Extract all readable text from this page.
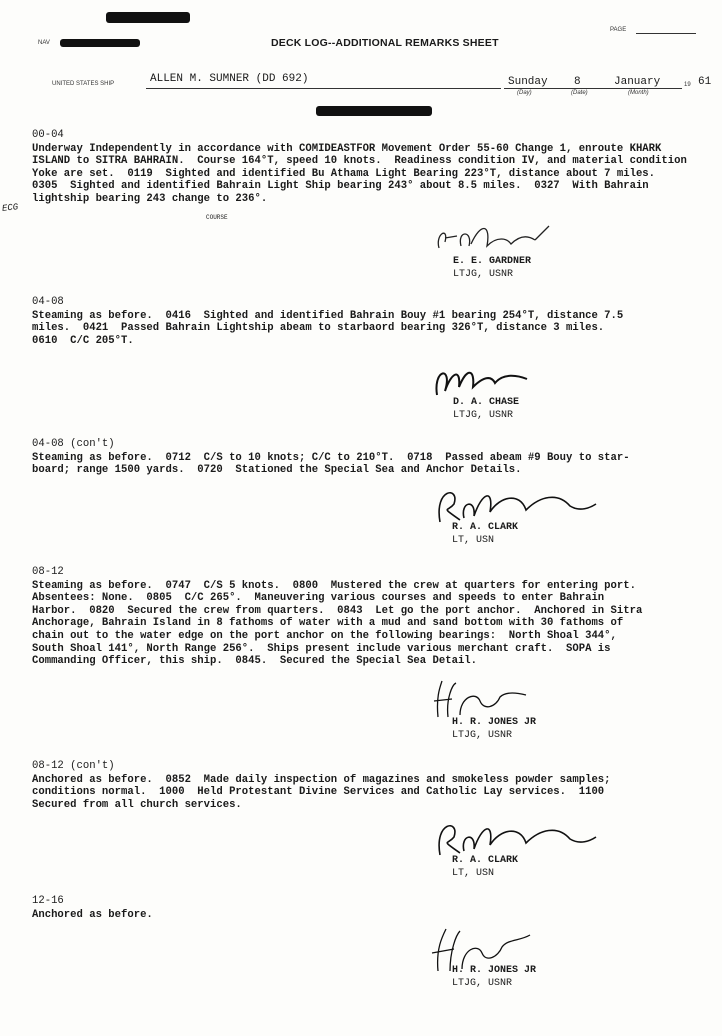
PAGE
NAV	DECK LOG--ADDITIONAL REMARKS SHEET
UNITED STATES SHIP	ALLEN M. SUMNER (DD 692)	Sunday 8	January	19 61
(Day)	(Date)	(Month)
00-04
Underway Independently in accordance with COMIDEASTFOR Movement Order 55-60 Change 1, enroute KHARK
ISLAND to SITRA BAHRAIN.  Course 164°T, speed 10 knots.  Readiness condition IV, and material condition
Yoke are set.  0119  Sighted and identified Bu Athama Light Bearing 223°T, distance about 7 miles.
0305  Sighted and identified Bahrain Light Ship bearing 243° about 8.5 miles.  0327  With Bahrain
lightship bearing 243 change to 236°.
ECG
COURSE
E. E. GARDNER
LTJG, USNR
04-08
Steaming as before.  0416  Sighted and identified Bahrain Bouy #1 bearing 254°T, distance 7.5
miles.  0421  Passed Bahrain Lightship abeam to starbaord bearing 326°T, distance 3 miles.
0610  C/C 205°T.
D. A. CHASE
LTJG, USNR
04-08 (con't)
Steaming as before.  0712  C/S to 10 knots; C/C to 210°T.  0718  Passed abeam #9 Bouy to star-
board; range 1500 yards.  0720  Stationed the Special Sea and Anchor Details.
R. A. CLARK
LT, USN
08-12
Steaming as before.  0747  C/S 5 knots.  0800  Mustered the crew at quarters for entering port.
Absentees: None.  0805  C/C 265°.  Maneuvering various courses and speeds to enter Bahrain
Harbor.  0820  Secured the crew from quarters.  0843  Let go the port anchor.  Anchored in Sitra
Anchorage, Bahrain Island in 8 fathoms of water with a mud and sand bottom with 30 fathoms of
chain out to the water edge on the port anchor on the following bearings:  North Shoal 344°,
South Shoal 141°, North Range 256°.  Ships present include various merchant craft.  SOPA is
Commanding Officer, this ship.  0845.  Secured the Special Sea Detail.
H. R. JONES JR
LTJG, USNR
08-12 (con't)
Anchored as before.  0852  Made daily inspection of magazines and smokeless powder samples;
conditions normal.  1000  Held Protestant Divine Services and Catholic Lay services.  1100
Secured from all church services.
R. A. CLARK
LT, USN
12-16
Anchored as before.
H. R. JONES JR
LTJG, USNR
